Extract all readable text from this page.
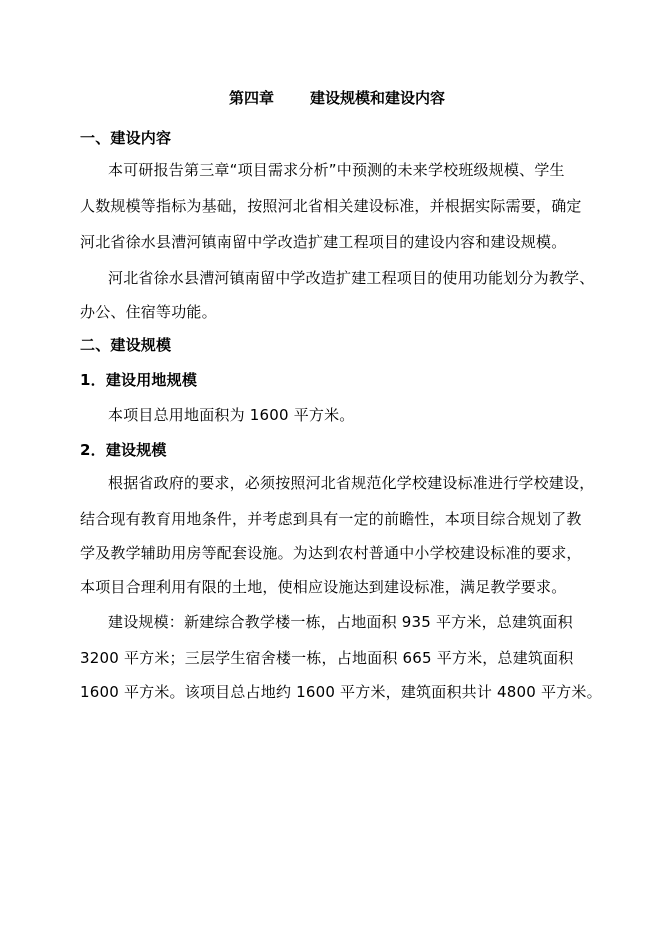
第四章 建设规模和建设内容
一、建设内容
本可研报告第三章“项目需求分析”中预测的未来学校班级规模、学生
人数规模等指标为基础，按照河北省相关建设标准，并根据实际需要，确定
河北省徐水县漕河镇南留中学改造扩建工程项目的建设内容和建设规模。
河北省徐水县漕河镇南留中学改造扩建工程项目的使用功能划分为教学、
办公、住宿等功能。
二、建设规模
1．建设用地规模
本项目总用地面积为 1600 平方米。
2．建设规模
根据省政府的要求，必须按照河北省规范化学校建设标准进行学校建设，
结合现有教育用地条件，并考虑到具有一定的前瞻性，本项目综合规划了教
学及教学辅助用房等配套设施。为达到农村普通中小学校建设标准的要求，
本项目合理利用有限的土地，使相应设施达到建设标准，满足教学要求。
建设规模：新建综合教学楼一栋，占地面积 935 平方米，总建筑面积
3200 平方米；三层学生宿舍楼一栋，占地面积 665 平方米，总建筑面积
1600 平方米。该项目总占地约 1600 平方米，建筑面积共计 4800 平方米。
